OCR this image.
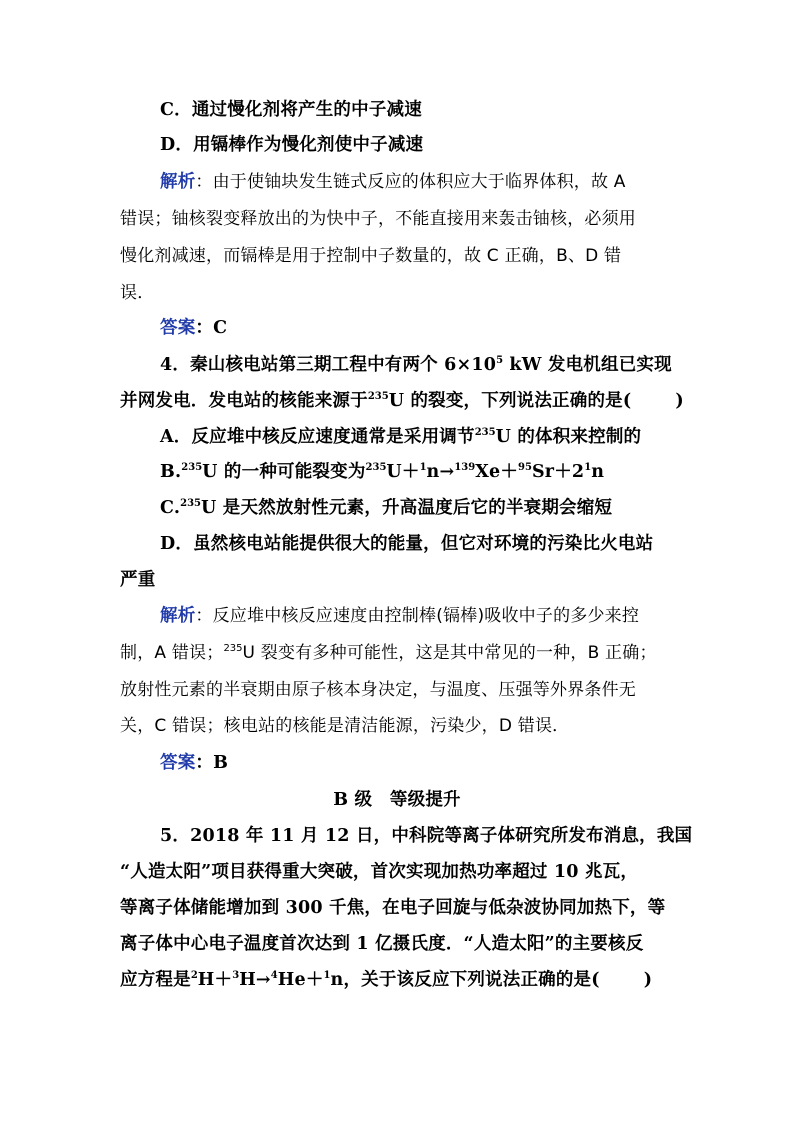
C．通过慢化剂将产生的中子减速
D．用镉棒作为慢化剂使中子减速
解析：由于使铀块发生链式反应的体积应大于临界体积，故 A
错误；铀核裂变释放出的为快中子，不能直接用来轰击铀核，必须用
慢化剂减速，而镉棒是用于控制中子数量的，故 C 正确，B、D 错
误．
答案：C
4．秦山核电站第三期工程中有两个 $6\times 10^5$ kW 发电机组已实现
并网发电．发电站的核能来源于$^{235}$U 的裂变，下列说法正确的是(	)
A．反应堆中核反应速度通常是采用调节$^{235}$U 的体积来控制的
B.$^{235}$U 的一种可能裂变为$^{235}U+^1n\to^{139}Xe+^{95}Sr+2^1n$
C.$^{235}$U 是天然放射性元素，升高温度后它的半衰期会缩短
D．虽然核电站能提供很大的能量，但它对环境的污染比火电站
严重
解析：反应堆中核反应速度由控制棒(镉棒)吸收中子的多少来控
制，A 错误；$^{235}$U 裂变有多种可能性，这是其中常见的一种，B 正确；
放射性元素的半衰期由原子核本身决定，与温度、压强等外界条件无
关，C 错误；核电站的核能是清洁能源，污染少，D 错误．
答案：B
B 级　等级提升
5．2018 年 11 月 12 日，中科院等离子体研究所发布消息，我国
“人造太阳”项目获得重大突破，首次实现加热功率超过 10 兆瓦，
等离子体储能增加到 300 千焦，在电子回旋与低杂波协同加热下，等
离子体中心电子温度首次达到 1 亿摄氏度．“人造太阳”的主要核反
应方程是$^2$H＋$^3$H→$^4$He＋$^1$n，关于该反应下列说法正确的是(	)
